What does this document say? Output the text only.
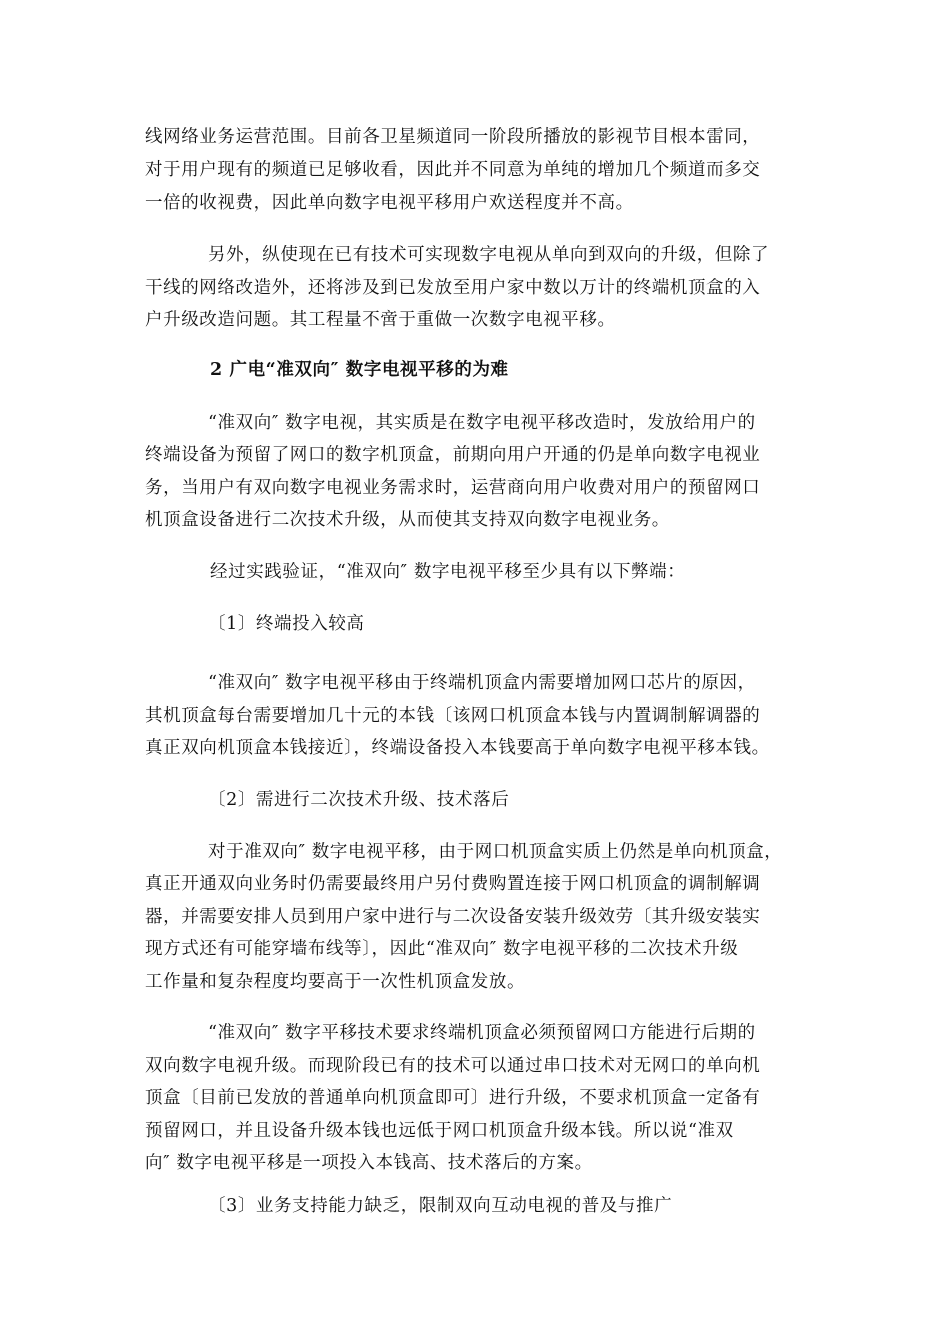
线网络业务运营范围。目前各卫星频道同一阶段所播放的影视节目根本雷同，
对于用户现有的频道已足够收看，因此并不同意为单纯的增加几个频道而多交
一倍的收视费，因此单向数字电视平移用户欢送程度并不高。
另外，纵使现在已有技术可实现数字电视从单向到双向的升级，但除了
干线的网络改造外，还将涉及到已发放至用户家中数以万计的终端机顶盒的入
户升级改造问题。其工程量不啻于重做一次数字电视平移。
2 广电“准双向″ 数字电视平移的为难
“准双向″ 数字电视，其实质是在数字电视平移改造时，发放给用户的
终端设备为预留了网口的数字机顶盒，前期向用户开通的仍是单向数字电视业
务，当用户有双向数字电视业务需求时，运营商向用户收费对用户的预留网口
机顶盒设备进行二次技术升级，从而使其支持双向数字电视业务。
经过实践验证，“准双向″ 数字电视平移至少具有以下弊端：
〔1〕终端投入较高
“准双向″ 数字电视平移由于终端机顶盒内需要增加网口芯片的原因，
其机顶盒每台需要增加几十元的本钱〔该网口机顶盒本钱与内置调制解调器的
真正双向机顶盒本钱接近〕，终端设备投入本钱要高于单向数字电视平移本钱。
〔2〕需进行二次技术升级、技术落后
对于准双向″ 数字电视平移，由于网口机顶盒实质上仍然是单向机顶盒，
真正开通双向业务时仍需要最终用户另付费购置连接于网口机顶盒的调制解调
器，并需要安排人员到用户家中进行与二次设备安装升级效劳〔其升级安装实
现方式还有可能穿墙布线等〕，因此“准双向″ 数字电视平移的二次技术升级
工作量和复杂程度均要高于一次性机顶盒发放。
“准双向″ 数字平移技术要求终端机顶盒必须预留网口方能进行后期的
双向数字电视升级。而现阶段已有的技术可以通过串口技术对无网口的单向机
顶盒〔目前已发放的普通单向机顶盒即可〕进行升级，不要求机顶盒一定备有
预留网口，并且设备升级本钱也远低于网口机顶盒升级本钱。所以说“准双
向″ 数字电视平移是一项投入本钱高、技术落后的方案。
〔3〕业务支持能力缺乏，限制双向互动电视的普及与推广
